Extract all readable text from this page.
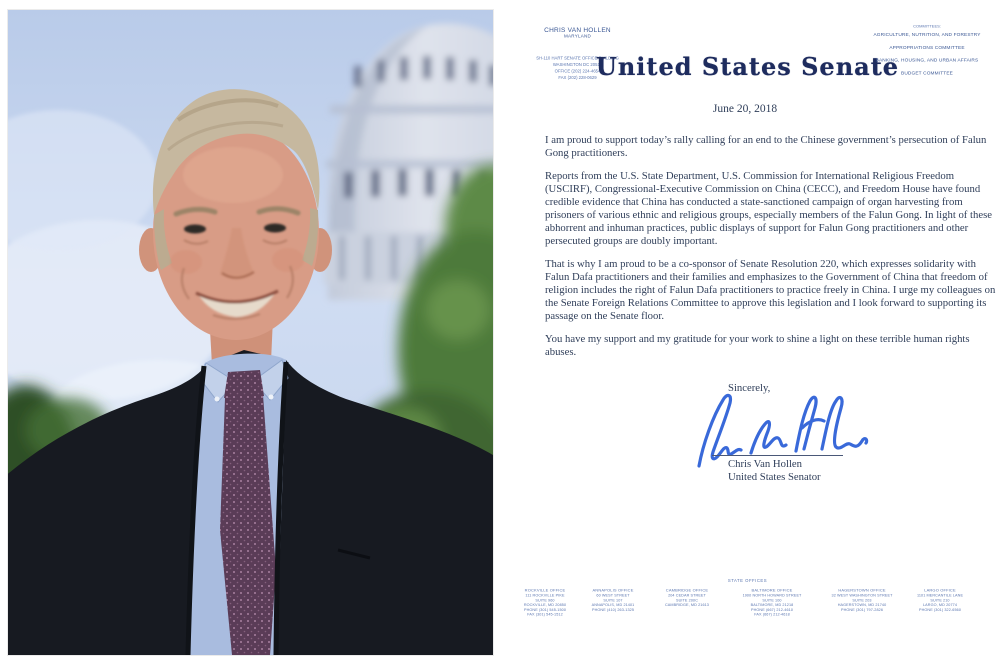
CHRIS VAN HOLLEN
MARYLAND
SH-110 HART SENATE OFFICE BUILDING
WASHINGTON DC 20510
OFFICE (202) 224-4654
FAX (202) 228-0629 United States Senate
COMMITTEES:
AGRICULTURE, NUTRITION, AND FORESTRY
APPROPRIATIONS COMMITTEE
BANKING, HOUSING, AND URBAN AFFAIRS
BUDGET COMMITTEE
June 20, 2018

I am proud to support today’s rally calling for an end to the Chinese government’s persecution of Falun Gong practitioners.

Reports from the U.S. State Department, U.S. Commission for International Religious Freedom (USCIRF), Congressional-Executive Commission on China (CECC), and Freedom House have found credible evidence that China has conducted a state-sanctioned campaign of organ harvesting from prisoners of various ethnic and religious groups, especially members of the Falun Gong. In light of these abhorrent and inhuman practices, public displays of support for Falun Gong practitioners and other persecuted groups are doubly important.

That is why I am proud to be a co-sponsor of Senate Resolution 220, which expresses solidarity with Falun Dafa practitioners and their families and emphasizes to the Government of China that freedom of religion includes the right of Falun Dafa practitioners to practice freely in China. I urge my colleagues on the Senate Foreign Relations Committee to approve this legislation and I look forward to supporting its passage on the Senate floor.

You have my support and my gratitude for your work to shine a light on these terrible human rights abuses.

Sincerely,
Chris Van Hollen
United States Senator
STATE OFFICES
ROCKVILLE OFFICE
111 ROCKVILLE PIKE
SUITE 960
ROCKVILLE, MD 20850
PHONE (301) 545-1500
FAX (301) 545-1512
ANNAPOLIS OFFICE
60 WEST STREET
SUITE 107
ANNAPOLIS, MD 21401
PHONE (410) 263-1325
CAMBRIDGE OFFICE
204 CEDAR STREET
SUITE 200C
CAMBRIDGE, MD 21613
BALTIMORE OFFICE
1900 NORTH HOWARD STREET
SUITE 100
BALTIMORE, MD 21218
PHONE (667) 212-4610
FAX (667) 212-4618
HAGERSTOWN OFFICE
32 WEST WASHINGTON STREET
SUITE 203
HAGERSTOWN, MD 21740
PHONE (301) 797-2826
LARGO OFFICE
1101 MERCANTILE LANE
SUITE 210
LARGO, MD 20774
PHONE (301) 322-6560
